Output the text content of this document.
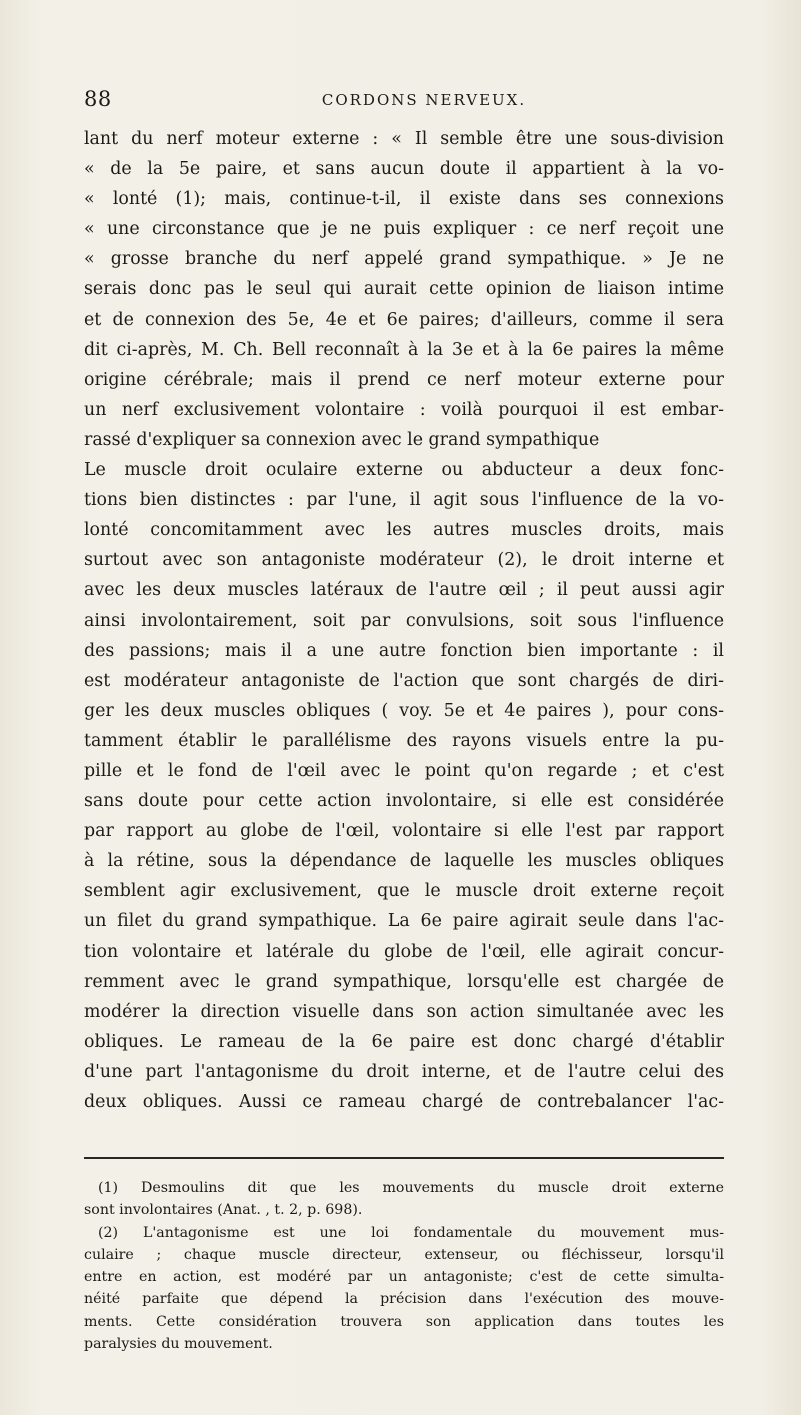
88	CORDONS NERVEUX.
lant du nerf moteur externe : « Il semble être une sous-division
« de la 5e paire, et sans aucun doute il appartient à la vo-
« lonté (1); mais, continue-t-il, il existe dans ses connexions
« une circonstance que je ne puis expliquer : ce nerf reçoit une
« grosse branche du nerf appelé grand sympathique. » Je ne
serais donc pas le seul qui aurait cette opinion de liaison intime
et de connexion des 5e, 4e et 6e paires; d'ailleurs, comme il sera
dit ci-après, M. Ch. Bell reconnaît à la 3e et à la 6e paires la même
origine cérébrale; mais il prend ce nerf moteur externe pour
un nerf exclusivement volontaire : voilà pourquoi il est embar-
rassé d'expliquer sa connexion avec le grand sympathique
Le muscle droit oculaire externe ou abducteur a deux fonc-
tions bien distinctes : par l'une, il agit sous l'influence de la vo-
lonté concomitamment avec les autres muscles droits, mais
surtout avec son antagoniste modérateur (2), le droit interne et
avec les deux muscles latéraux de l'autre œil ; il peut aussi agir
ainsi involontairement, soit par convulsions, soit sous l'influence
des passions; mais il a une autre fonction bien importante : il
est modérateur antagoniste de l'action que sont chargés de diri-
ger les deux muscles obliques ( voy. 5e et 4e paires ), pour cons-
tamment établir le parallélisme des rayons visuels entre la pu-
pille et le fond de l'œil avec le point qu'on regarde ; et c'est
sans doute pour cette action involontaire, si elle est considérée
par rapport au globe de l'œil, volontaire si elle l'est par rapport
à la rétine, sous la dépendance de laquelle les muscles obliques
semblent agir exclusivement, que le muscle droit externe reçoit
un filet du grand sympathique. La 6e paire agirait seule dans l'ac-
tion volontaire et latérale du globe de l'œil, elle agirait concur-
remment avec le grand sympathique, lorsqu'elle est chargée de
modérer la direction visuelle dans son action simultanée avec les
obliques. Le rameau de la 6e paire est donc chargé d'établir
d'une part l'antagonisme du droit interne, et de l'autre celui des
deux obliques. Aussi ce rameau chargé de contrebalancer l'ac-
(1) Desmoulins dit que les mouvements du muscle droit externe
sont involontaires (Anat. , t. 2, p. 698).
(2) L'antagonisme est une loi fondamentale du mouvement mus-
culaire ; chaque muscle directeur, extenseur, ou fléchisseur, lorsqu'il
entre en action, est modéré par un antagoniste; c'est de cette simulta-
néité parfaite que dépend la précision dans l'exécution des mouve-
ments. Cette considération trouvera son application dans toutes les
paralysies du mouvement.
